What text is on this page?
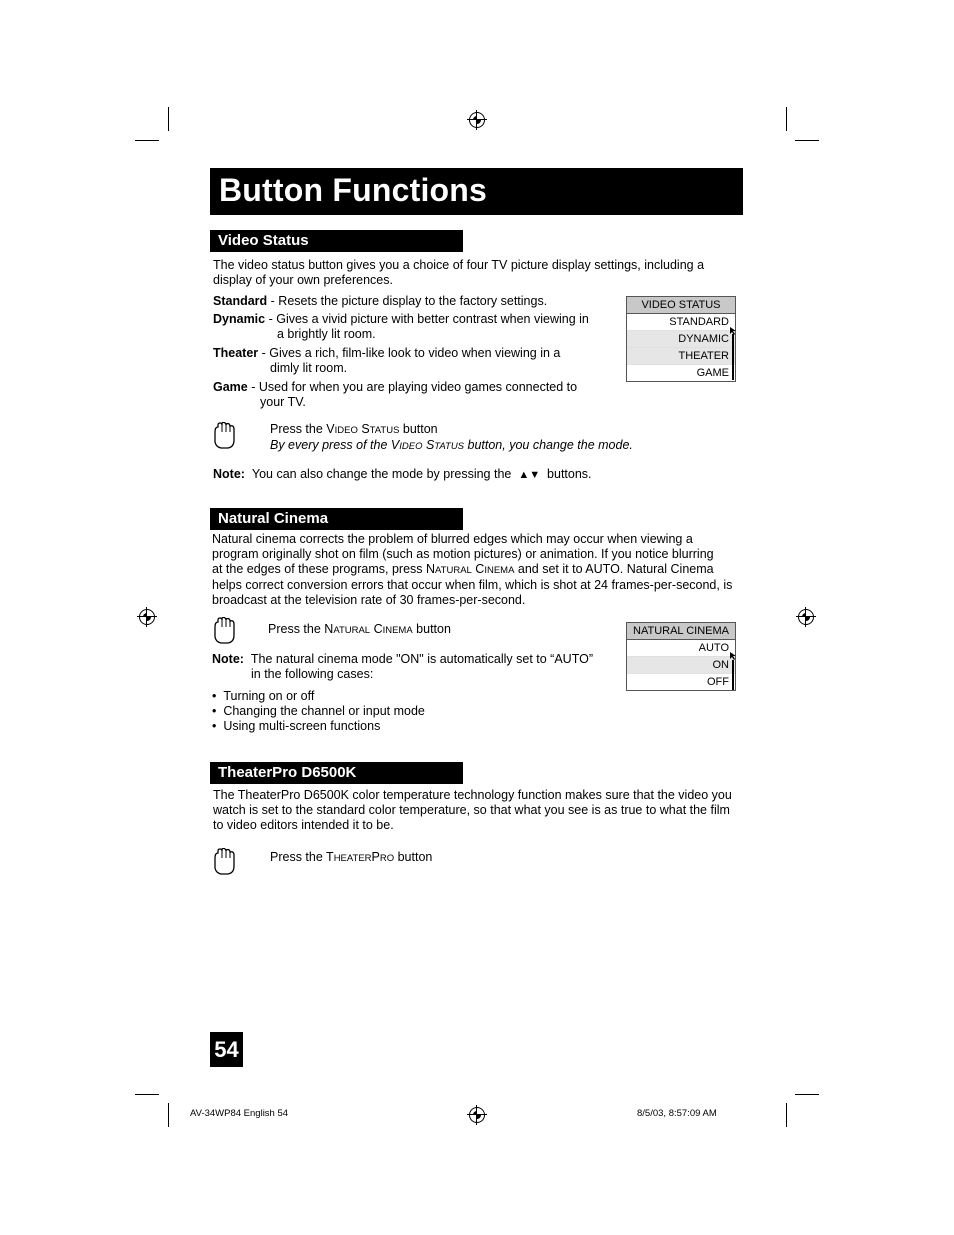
Button Functions
Video Status
The video status button gives you a choice of four TV picture display settings, including a
display of your own preferences.
Standard - Resets the picture display to the factory settings.
Dynamic - Gives a vivid picture with better contrast when viewing in
a brightly lit room.
Theater - Gives a rich, film-like look to video when viewing in a
dimly lit room.
Game - Used for when you are playing video games connected to
your TV.
VIDEO STATUS
STANDARD
DYNAMIC
THEATER
GAME
Press the VIDEO STATUS button
By every press of the VIDEO STATUS button, you change the mode.
Note: You can also change the mode by pressing the ▲▼ buttons.
Natural Cinema
Natural cinema corrects the problem of blurred edges which may occur when viewing a
program originally shot on film (such as motion pictures) or animation. If you notice blurring
at the edges of these programs, press NATURAL CINEMA and set it to AUTO. Natural Cinema
helps correct conversion errors that occur when film, which is shot at 24 frames-per-second, is
broadcast at the television rate of 30 frames-per-second.
Press the NATURAL CINEMA button
Note: The natural cinema mode "ON" is automatically set to “AUTO”
in the following cases:
•  Turning on or off
•  Changing the channel or input mode
•  Using multi-screen functions
NATURAL CINEMA
AUTO
ON
OFF
TheaterPro D6500K
The TheaterPro D6500K color temperature technology function makes sure that the video you
watch is set to the standard color temperature, so that what you see is as true to what the film
to video editors intended it to be.
Press the THEATERPRO button
54
AV-34WP84 English 54	8/5/03, 8:57:09 AM
